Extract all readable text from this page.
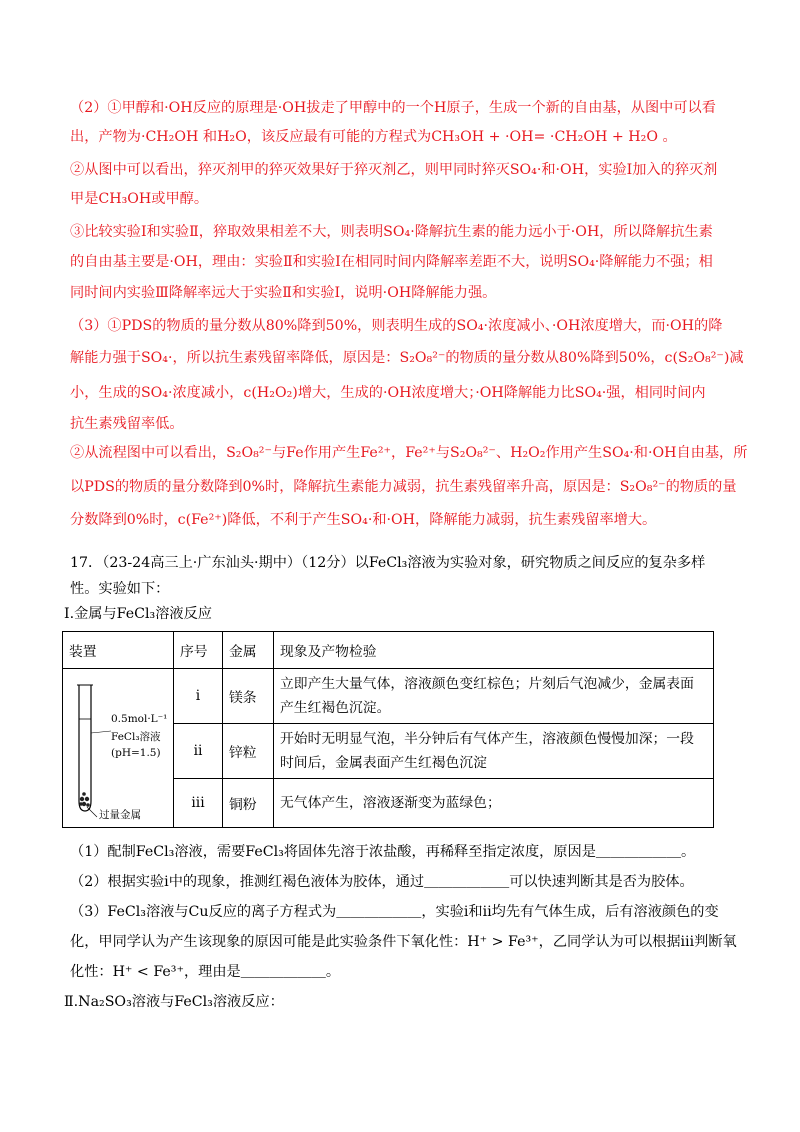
（2）①甲醇和·OH反应的原理是·OH拔走了甲醇中的一个H原子，生成一个新的自由基，从图中可以看
出，产物为·CH₂OH 和H₂O，该反应最有可能的方程式为CH₃OH + ·OH= ·CH₂OH + H₂O 。
②从图中可以看出，猝灭剂甲的猝灭效果好于猝灭剂乙，则甲同时猝灭SO₄·和·OH，实验Ⅰ加入的猝灭剂
甲是CH₃OH或甲醇。
③比较实验Ⅰ和实验Ⅱ，猝取效果相差不大，则表明SO₄·降解抗生素的能力远小于·OH，所以降解抗生素
的自由基主要是·OH，理由：实验Ⅱ和实验Ⅰ在相同时间内降解率差距不大，说明SO₄·降解能力不强；相
同时间内实验Ⅲ降解率远大于实验Ⅱ和实验Ⅰ，说明·OH降解能力强。
（3）①PDS的物质的量分数从80%降到50%，则表明生成的SO₄·浓度减小、·OH浓度增大，而·OH的降
解能力强于SO₄·，所以抗生素残留率降低，原因是：S₂O₈²⁻的物质的量分数从80%降到50%，c(S₂O₈²⁻)减
小，生成的SO₄·浓度减小，c(H₂O₂)增大，生成的·OH浓度增大；·OH降解能力比SO₄·强，相同时间内
抗生素残留率低。
②从流程图中可以看出，S₂O₈²⁻与Fe作用产生Fe²⁺，Fe²⁺与S₂O₈²⁻、H₂O₂作用产生SO₄·和·OH自由基，所
以PDS的物质的量分数降到0%时，降解抗生素能力减弱，抗生素残留率升高，原因是：S₂O₈²⁻的物质的量
分数降到0%时，c(Fe²⁺)降低，不利于产生SO₄·和·OH，降解能力减弱，抗生素残留率增大。
17．（23-24高三上·广东汕头·期中）（12分）以FeCl₃溶液为实验对象，研究物质之间反应的复杂多样
性。实验如下：
Ⅰ.金属与FeCl₃溶液反应
装置	序号	金属	现象及产物检验

0.5mol·L⁻¹
FeCl₃溶液
(pH=1.5)
过量金属	i	镁条	立即产生大量气体，溶液颜色变红棕色；片刻后气泡减少，金属表面产生红褐色沉淀。
	ii	锌粒	开始时无明显气泡，半分钟后有气体产生，溶液颜色慢慢加深；一段时间后，金属表面产生红褐色沉淀
	iii	铜粉	无气体产生，溶液逐渐变为蓝绿色；
（1）配制FeCl₃溶液，需要FeCl₃将固体先溶于浓盐酸，再稀释至指定浓度，原因是＿＿＿＿＿＿。
（2）根据实验ⅰ中的现象，推测红褐色液体为胶体，通过＿＿＿＿＿＿可以快速判断其是否为胶体。
（3）FeCl₃溶液与Cu反应的离子方程式为＿＿＿＿＿＿，实验ⅰ和ⅱ均先有气体生成，后有溶液颜色的变
化，甲同学认为产生该现象的原因可能是此实验条件下氧化性：H⁺ > Fe³⁺，乙同学认为可以根据ⅲ判断氧
化性：H⁺ < Fe³⁺，理由是＿＿＿＿＿＿。
Ⅱ.Na₂SO₃溶液与FeCl₃溶液反应：
